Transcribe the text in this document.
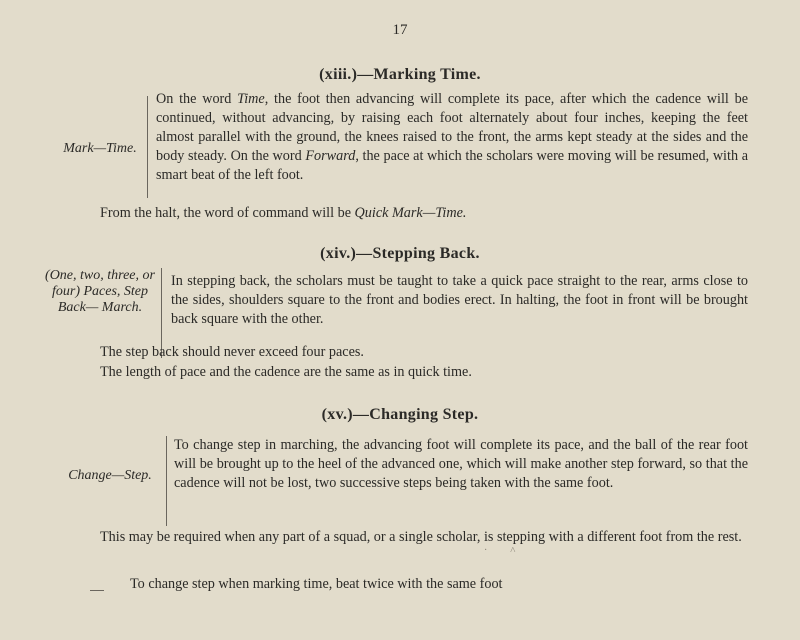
17
(xiii.)—Marking Time.
Mark—Time.
On the word Time, the foot then advancing will complete its pace, after which the cadence will be continued, without advancing, by raising each foot alternately about four inches, keeping the feet almost parallel with the ground, the knees raised to the front, the arms kept steady at the sides and the body steady. On the word Forward, the pace at which the scholars were moving will be resumed, with a smart beat of the left foot.
From the halt, the word of command will be Quick Mark—Time.
(xiv.)—Stepping Back.
(One, two, three, or four) Paces, Step Back— March.
In stepping back, the scholars must be taught to take a quick pace straight to the rear, arms close to the sides, shoulders square to the front and bodies erect. In halting, the foot in front will be brought back square with the other.
The step back should never exceed four paces.
The length of pace and the cadence are the same as in quick time.
(xv.)—Changing Step.
Change—Step.
To change step in marching, the advancing foot will complete its pace, and the ball of the rear foot will be brought up to the heel of the advanced one, which will make another step forward, so that the cadence will not be lost, two successive steps being taken with the same foot.
This may be required when any part of a squad, or a single scholar, is stepping with a different foot from the rest.
· ˄
To change step when marking time, beat twice with the same foot
